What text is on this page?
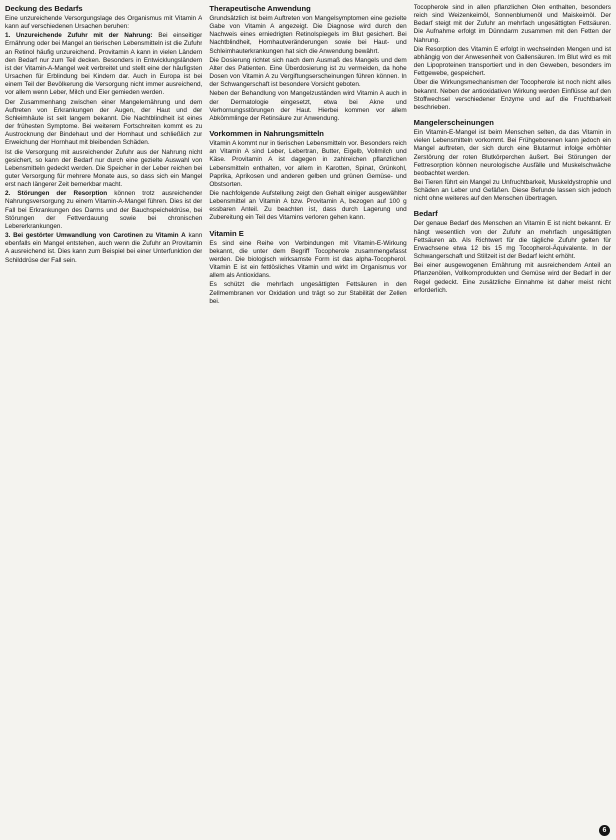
Deckung des Bedarfs

Eine unzureichende Versorgungslage des Organismus mit Vitamin A kann auf verschiedenen Ursachen beruhen:

1. Unzureichende Zufuhr mit der Nahrung: Bei einseitiger Ernährung oder bei Mangel an tierischen Lebensmitteln ist die Zufuhr an Retinol häufig unzureichend. Provitamin A kann in vielen Ländern den Bedarf nur zum Teil decken. Besonders in Entwicklungsländern ist der Vitamin-A-Mangel weit verbreitet und stellt eine der häufigsten Ursachen für Erblindung bei Kindern dar. Auch in Europa ist bei einem Teil der Bevölkerung die Versorgung nicht immer ausreichend, vor allem wenn Leber, Milch und Eier gemieden werden.

Der Zusammenhang zwischen einer Mangelernährung und dem Auftreten von Erkrankungen der Augen, der Haut und der Schleimhäute ist seit langem bekannt. Die Nachtblindheit ist eines der frühesten Symptome. Bei weiterem Fortschreiten kommt es zu Austrocknung der Bindehaut und der Hornhaut und schließlich zur Erweichung der Hornhaut mit bleibenden Schäden.

Ist die Versorgung mit ausreichender Zufuhr aus der Nahrung nicht gesichert, so kann der Bedarf nur durch eine gezielte Auswahl von Lebensmitteln gedeckt werden. Die Speicher in der Leber reichen bei guter Versorgung für mehrere Monate aus, so dass sich ein Mangel erst nach längerer Zeit bemerkbar macht.

2. Störungen der Resorption können trotz ausreichender Nahrungsversorgung zu einem Vitamin-A-Mangel führen. Dies ist der Fall bei Erkrankungen des Darms und der Bauchspeicheldrüse, bei Störungen der Fettverdauung sowie bei chronischen Lebererkrankungen.

3. Bei gestörter Umwandlung von Carotinen zu Vitamin A kann ebenfalls ein Mangel entstehen, auch wenn die Zufuhr an Provitamin A ausreichend ist. Dies kann zum Beispiel bei einer Unterfunktion der Schilddrüse der Fall sein.

Therapeutische Anwendung

Grundsätzlich ist beim Auftreten von Mangelsymptomen eine gezielte Gabe von Vitamin A angezeigt. Die Diagnose wird durch den Nachweis eines erniedrigten Retinolspiegels im Blut gesichert. Bei Nachtblindheit, Hornhautveränderungen sowie bei Haut- und Schleimhauterkrankungen hat sich die Anwendung bewährt.

Die Dosierung richtet sich nach dem Ausmaß des Mangels und dem Alter des Patienten. Eine Überdosierung ist zu vermeiden, da hohe Dosen von Vitamin A zu Vergiftungserscheinungen führen können. In der Schwangerschaft ist besondere Vorsicht geboten.

Neben der Behandlung von Mangelzuständen wird Vitamin A auch in der Dermatologie eingesetzt, etwa bei Akne und Verhornungsstörungen der Haut. Hierbei kommen vor allem Abkömmlinge der Retinsäure zur Anwendung.

Vorkommen in Nahrungsmitteln

Vitamin A kommt nur in tierischen Lebensmitteln vor. Besonders reich an Vitamin A sind Leber, Lebertran, Butter, Eigelb, Vollmilch und Käse. Provitamin A ist dagegen in zahlreichen pflanzlichen Lebensmitteln enthalten, vor allem in Karotten, Spinat, Grünkohl, Paprika, Aprikosen und anderen gelben und grünen Gemüse- und Obstsorten.

Die nachfolgende Aufstellung zeigt den Gehalt einiger ausgewählter Lebensmittel an Vitamin A bzw. Provitamin A, bezogen auf 100 g essbaren Anteil. Zu beachten ist, dass durch Lagerung und Zubereitung ein Teil des Vitamins verloren gehen kann.

Vitamin E

Es sind eine Reihe von Verbindungen mit Vitamin-E-Wirkung bekannt, die unter dem Begriff Tocopherole zusammengefasst werden. Die biologisch wirksamste Form ist das alpha-Tocopherol. Vitamin E ist ein fettlösliches Vitamin und wirkt im Organismus vor allem als Antioxidans.

Es schützt die mehrfach ungesättigten Fettsäuren in den Zellmembranen vor Oxidation und trägt so zur Stabilität der Zellen bei.

Tocopherole sind in allen pflanzlichen Ölen enthalten, besonders reich sind Weizenkeimöl, Sonnenblumenöl und Maiskeimöl. Der Bedarf steigt mit der Zufuhr an mehrfach ungesättigten Fettsäuren. Die Aufnahme erfolgt im Dünndarm zusammen mit den Fetten der Nahrung.

Die Resorption des Vitamin E erfolgt in wechselnden Mengen und ist abhängig von der Anwesenheit von Gallensäuren. Im Blut wird es mit den Lipoproteinen transportiert und in den Geweben, besonders im Fettgewebe, gespeichert.

Über die Wirkungsmechanismen der Tocopherole ist noch nicht alles bekannt. Neben der antioxidativen Wirkung werden Einflüsse auf den Stoffwechsel verschiedener Enzyme und auf die Fruchtbarkeit beschrieben.

Mangelerscheinungen

Ein Vitamin-E-Mangel ist beim Menschen selten, da das Vitamin in vielen Lebensmitteln vorkommt. Bei Frühgeborenen kann jedoch ein Mangel auftreten, der sich durch eine Blutarmut infolge erhöhter Zerstörung der roten Blutkörperchen äußert. Bei Störungen der Fettresorption können neurologische Ausfälle und Muskelschwäche beobachtet werden.

Bei Tieren führt ein Mangel zu Unfruchtbarkeit, Muskeldystrophie und Schäden an Leber und Gefäßen. Diese Befunde lassen sich jedoch nicht ohne weiteres auf den Menschen übertragen.

Bedarf

Der genaue Bedarf des Menschen an Vitamin E ist nicht bekannt. Er hängt wesentlich von der Zufuhr an mehrfach ungesättigten Fettsäuren ab. Als Richtwert für die tägliche Zufuhr gelten für Erwachsene etwa 12 bis 15 mg Tocopherol-Äquivalente. In der Schwangerschaft und Stillzeit ist der Bedarf leicht erhöht.

Bei einer ausgewogenen Ernährung mit ausreichendem Anteil an Pflanzenölen, Vollkornprodukten und Gemüse wird der Bedarf in der Regel gedeckt. Eine zusätzliche Einnahme ist daher meist nicht erforderlich.

6
